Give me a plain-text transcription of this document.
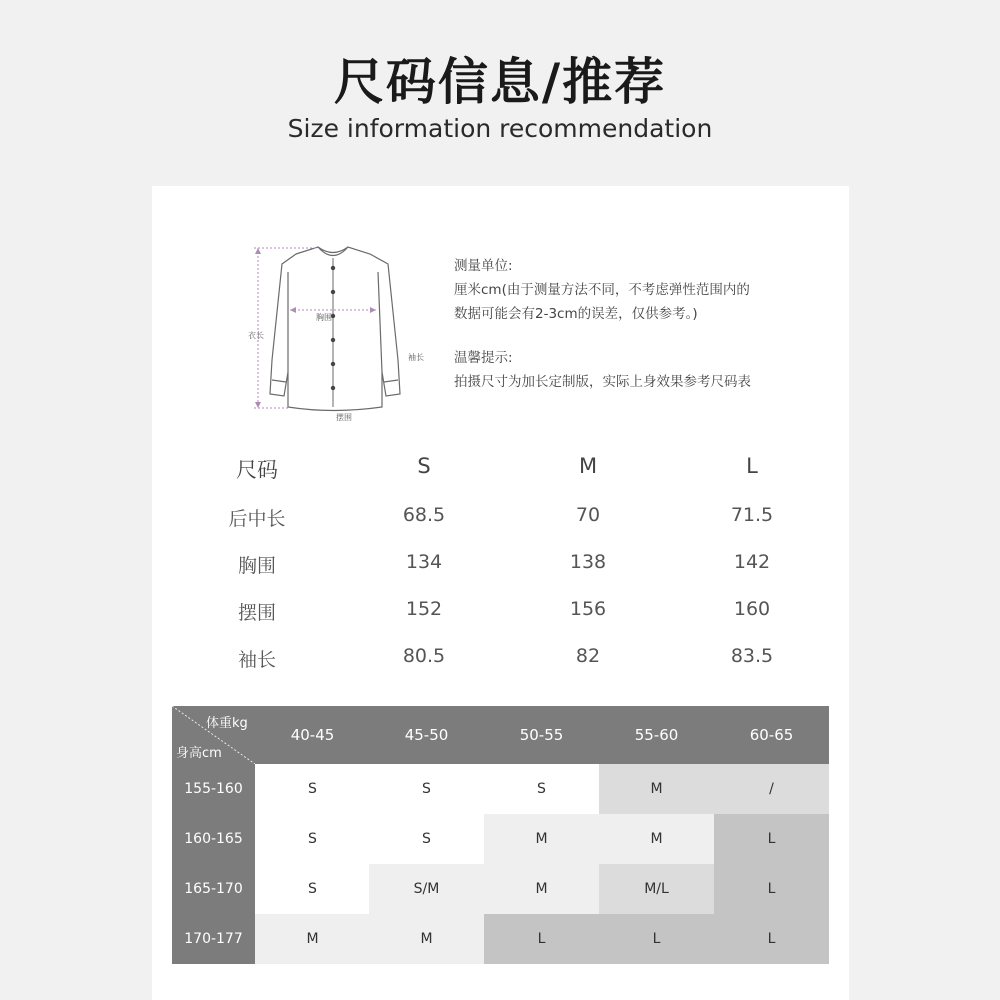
尺码信息/推荐
Size information recommendation
衣长
胸围
袖长
摆围
测量单位:
厘米cm(由于测量方法不同，不考虑弹性范围内的
数据可能会有2-3cm的误差，仅供参考。)
温馨提示:
拍摄尺寸为加长定制版，实际上身效果参考尺码表
尺码	S	M	L
后中长	68.5	70	71.5
胸围	134	138	142
摆围	152	156	160
袖长	80.5	82	83.5
体重kg
身高cm
40-45	45-50	50-55	55-60	60-65
155-160	S	S	S	M	/
160-165	S	S	M	M	L
165-170	S	S/M	M	M/L	L
170-177	M	M	L	L	L
